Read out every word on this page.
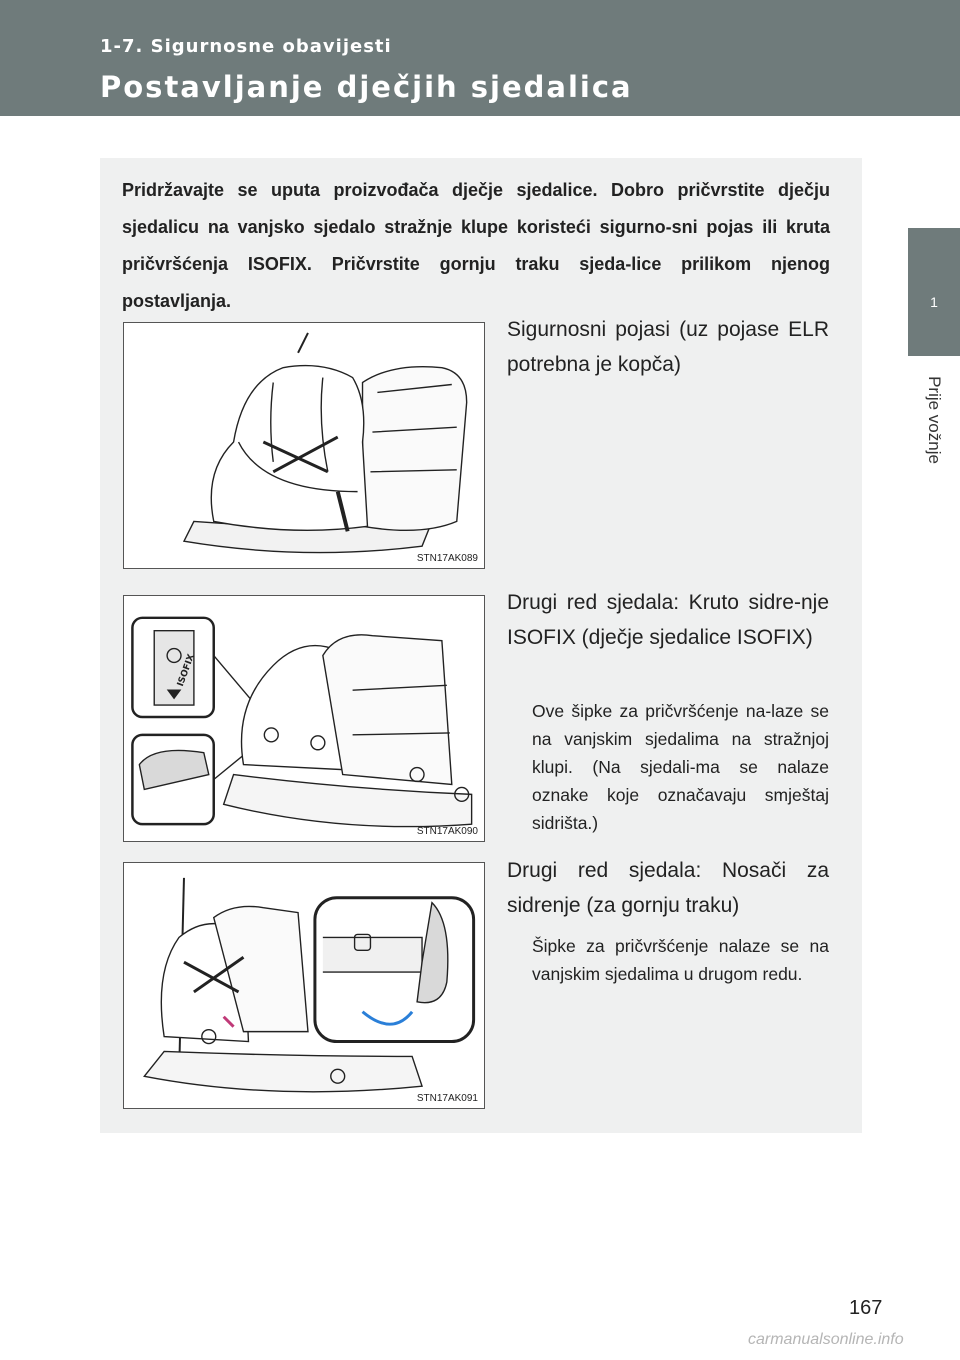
1-7. Sigurnosne obavijesti
Postavljanje dječjih sjedalica
1
Prije vožnje

Pridržavajte se uputa proizvođača dječje sjedalice. Dobro pričvrstite dječju sjedalicu na vanjsko sjedalo stražnje klupe koristeći sigurno-sni pojas ili kruta pričvršćenja ISOFIX. Pričvrstite gornju traku sjeda-lice prilikom njenog postavljanja.

STN17AK089
Sigurnosni pojasi (uz pojase ELR potrebna je kopča)
ISOFIX
STN17AK090
Drugi red sjedala: Kruto sidre-nje ISOFIX (dječje sjedalice ISOFIX)
Ove šipke za pričvršćenje na-laze se na vanjskim sjedalima na stražnjoj klupi. (Na sjedali-ma se nalaze oznake koje označavaju smještaj sidrišta.)
STN17AK091
Drugi red sjedala: Nosači za sidrenje (za gornju traku)
Šipke za pričvršćenje nalaze se na vanjskim sjedalima u drugom redu.
167
carmanualsonline.info
